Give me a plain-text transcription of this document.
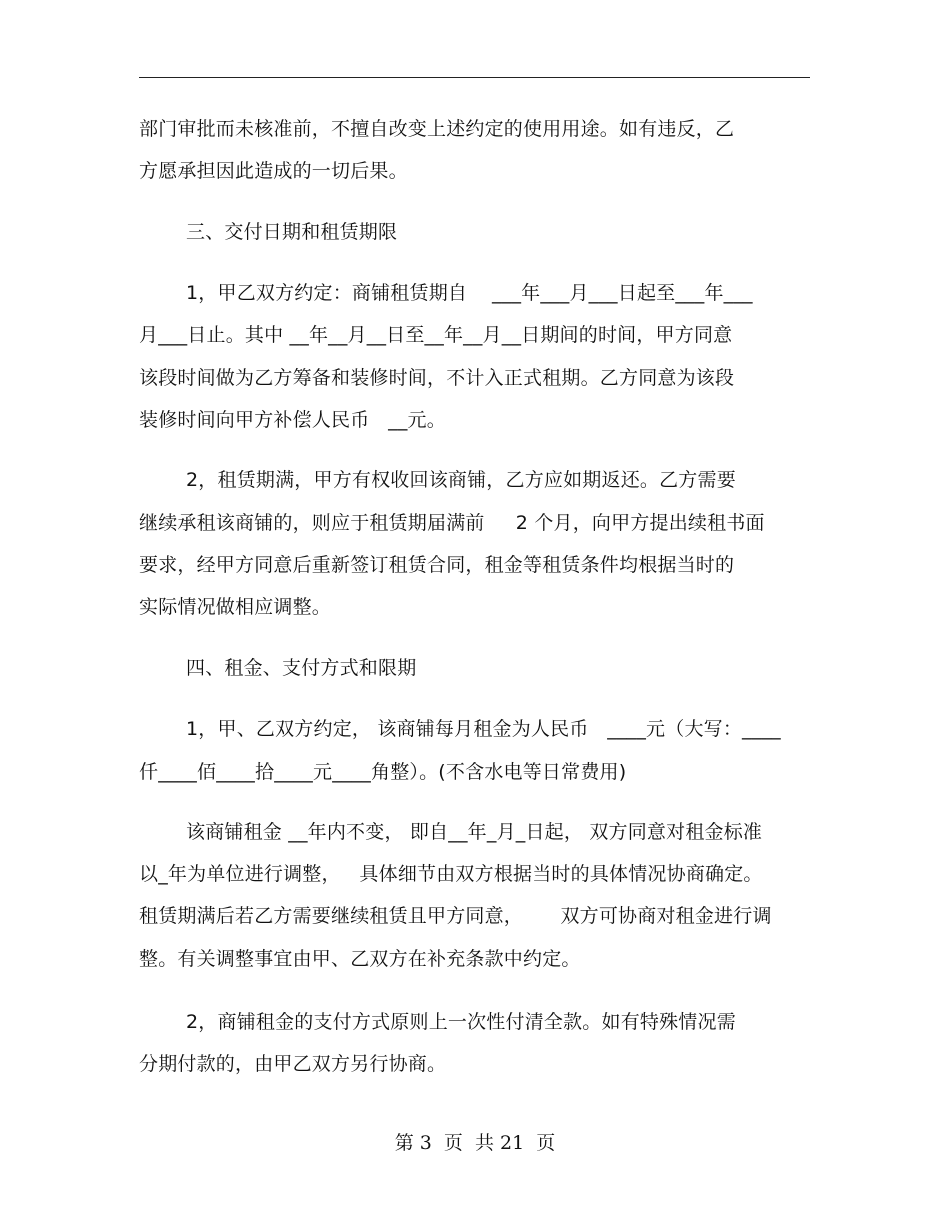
部门审批而未核准前，不擅自改变上述约定的使用用途。如有违反，乙
方愿承担因此造成的一切后果。
三、交付日期和租赁期限
1，甲乙双方约定：商铺租赁期自    ___年___月___日起至___年___
月___日止。其中 __年__月__日至__年__月__日期间的时间，甲方同意
该段时间做为乙方筹备和装修时间，不计入正式租期。乙方同意为该段
装修时间向甲方补偿人民币   __元。
2，租赁期满，甲方有权收回该商铺，乙方应如期返还。乙方需要
继续承租该商铺的，则应于租赁期届满前     2 个月，向甲方提出续租书面
要求，经甲方同意后重新签订租赁合同，租金等租赁条件均根据当时的
实际情况做相应调整。
四、租金、支付方式和限期
1，甲、乙双方约定， 该商铺每月租金为人民币   ____元（大写：____
仟____佰____拾____元____角整）。(不含水电等日常费用)
该商铺租金 __年内不变， 即自__年_月_日起， 双方同意对租金标准
以_年为单位进行调整，   具体细节由双方根据当时的具体情况协商确定。
租赁期满后若乙方需要继续租赁且甲方同意，      双方可协商对租金进行调
整。有关调整事宜由甲、乙双方在补充条款中约定。
2，商铺租金的支付方式原则上一次性付清全款。如有特殊情况需
分期付款的，由甲乙双方另行协商。
第 3  页  共 21  页
